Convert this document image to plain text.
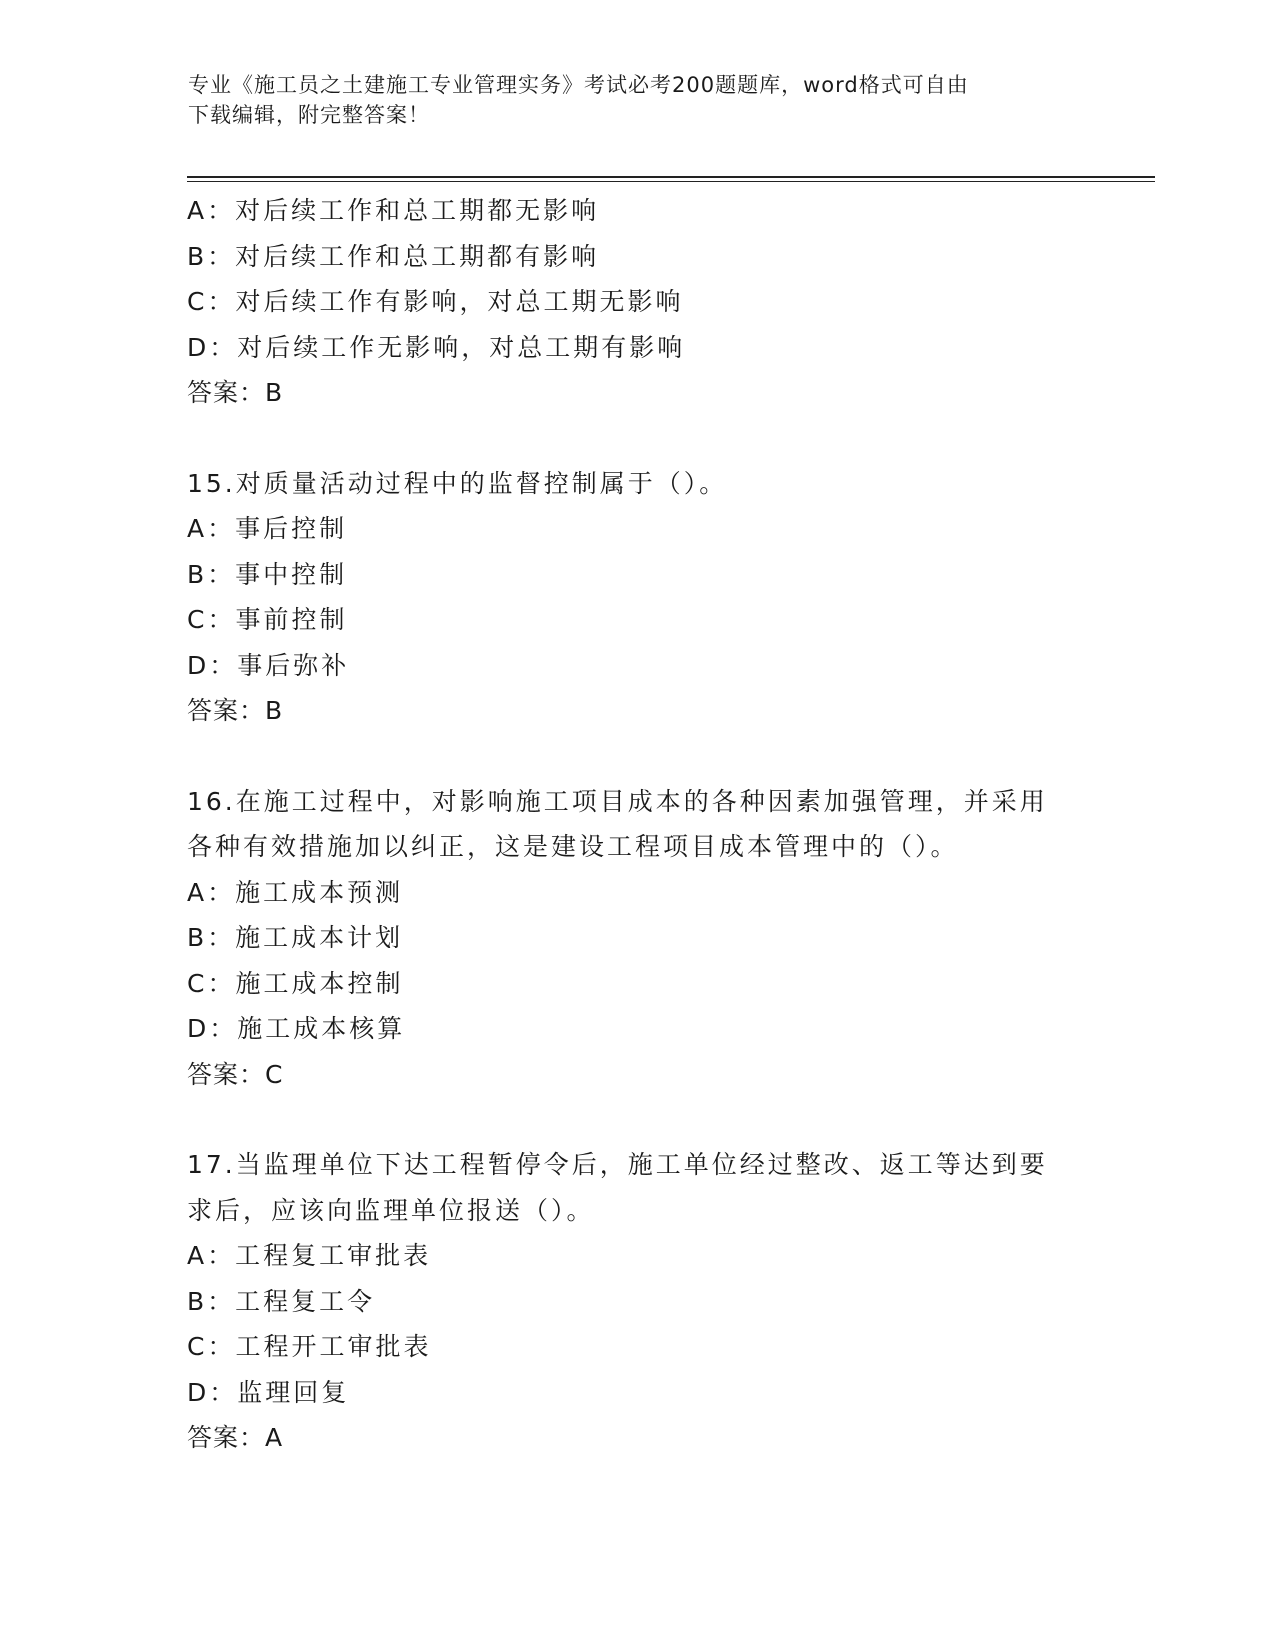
专业《施工员之土建施工专业管理实务》考试必考200题题库，word格式可自由
下载编辑，附完整答案！
A：对后续工作和总工期都无影响
B：对后续工作和总工期都有影响
C：对后续工作有影响，对总工期无影响
D：对后续工作无影响，对总工期有影响
答案：B
15.对质量活动过程中的监督控制属于（）。
A：事后控制
B：事中控制
C：事前控制
D：事后弥补
答案：B
16.在施工过程中，对影响施工项目成本的各种因素加强管理，并采用
各种有效措施加以纠正，这是建设工程项目成本管理中的（）。
A：施工成本预测
B：施工成本计划
C：施工成本控制
D：施工成本核算
答案：C
17.当监理单位下达工程暂停令后，施工单位经过整改、返工等达到要
求后，应该向监理单位报送（）。
A：工程复工审批表
B：工程复工令
C：工程开工审批表
D：监理回复
答案：A
